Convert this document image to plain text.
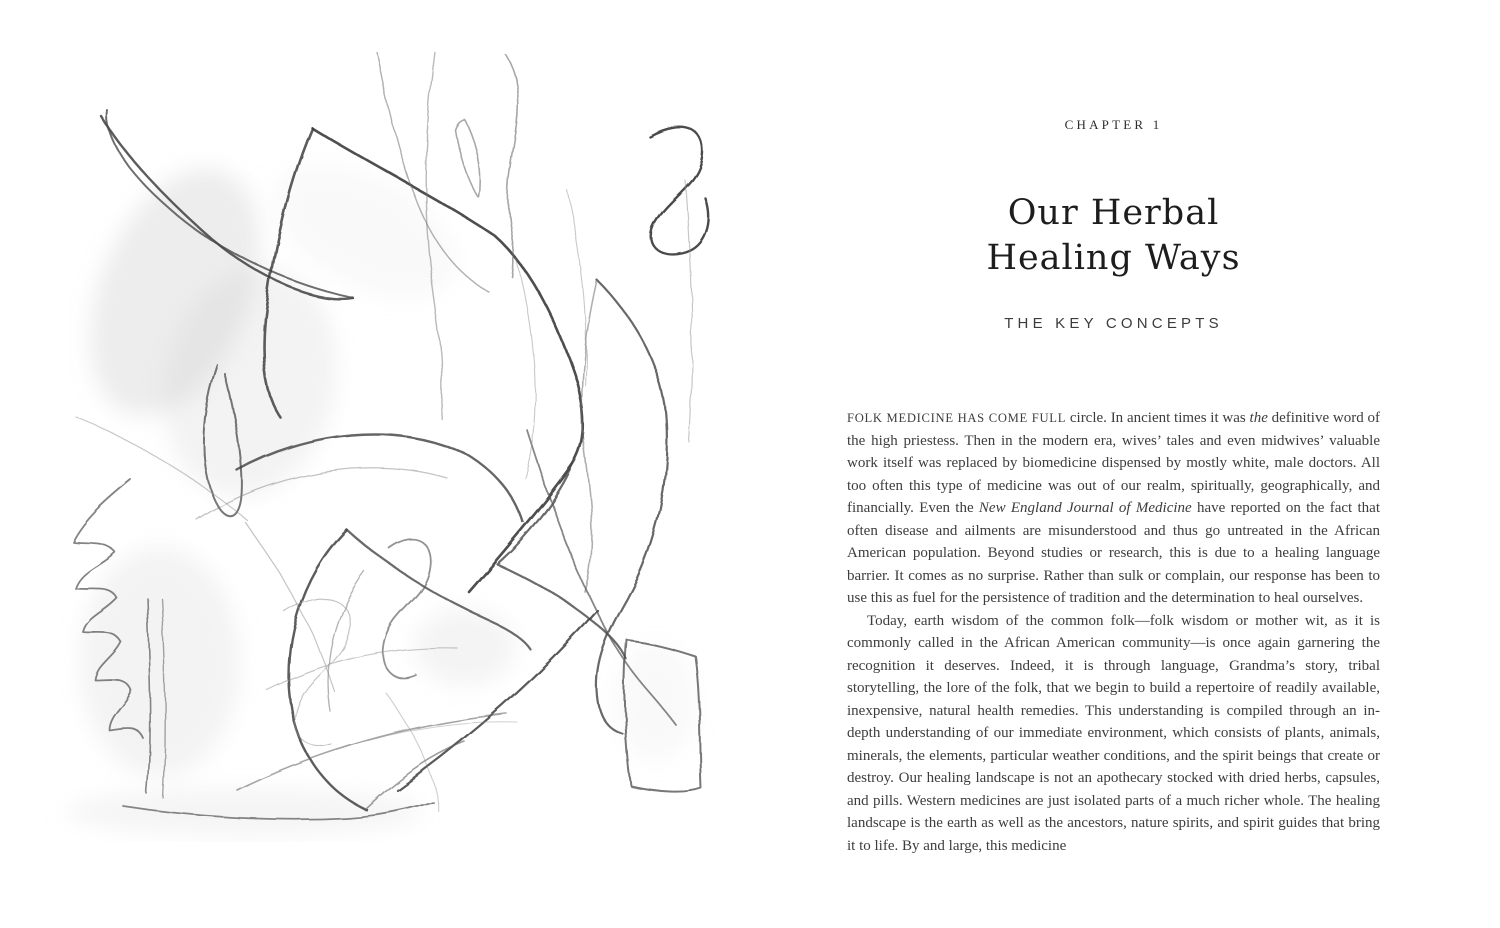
CHAPTER 1
Our Herbal
Healing Ways
THE KEY CONCEPTS

FOLK MEDICINE HAS COME FULL circle. In ancient times it was the definitive word of the high priestess. Then in the modern era, wives’ tales and even midwives’ valuable work itself was replaced by biomedicine dispensed by mostly white, male doctors. All too often this type of medicine was out of our realm, spiritually, geographically, and financially. Even the New England Journal of Medicine have reported on the fact that often disease and ailments are misunderstood and thus go untreated in the African American population. Beyond studies or research, this is due to a healing language barrier. It comes as no surprise. Rather than sulk or complain, our response has been to use this as fuel for the persistence of tradition and the determination to heal ourselves.

Today, earth wisdom of the common folk—folk wisdom or mother wit, as it is commonly called in the African American community—is once again garnering the recognition it deserves. Indeed, it is through language, Grandma’s story, tribal storytelling, the lore of the folk, that we begin to build a repertoire of readily available, inexpensive, natural health remedies. This understanding is compiled through an in-depth understanding of our immediate environment, which consists of plants, animals, minerals, the elements, particular weather conditions, and the spirit beings that create or destroy. Our healing landscape is not an apothecary stocked with dried herbs, capsules, and pills. Western medicines are just isolated parts of a much richer whole. The healing landscape is the earth as well as the ancestors, nature spirits, and spirit guides that bring it to life. By and large, this medicine
